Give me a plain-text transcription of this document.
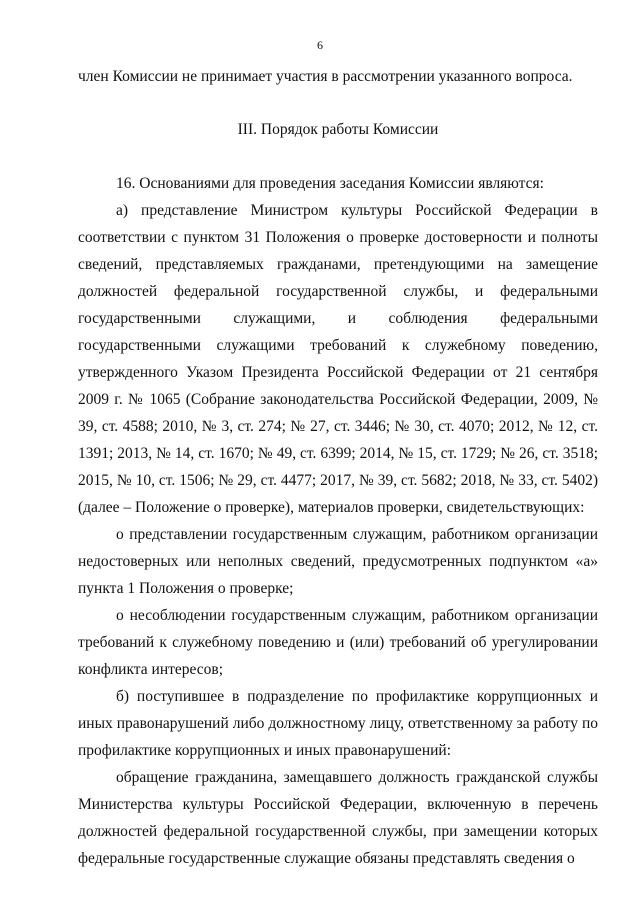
6

член Комиссии не принимает участия в рассмотрении указанного вопроса.

III. Порядок работы Комиссии

16. Основаниями для проведения заседания Комиссии являются:

а) представление Министром культуры Российской Федерации в соответствии с пунктом 31 Положения о проверке достоверности и полноты сведений, представляемых гражданами, претендующими на замещение должностей федеральной государственной службы, и федеральными государственными служащими, и соблюдения федеральными государственными служащими требований к служебному поведению, утвержденного Указом Президента Российской Федерации от 21 сентября 2009 г. № 1065 (Собрание законодательства Российской Федерации, 2009, № 39, ст. 4588; 2010, № 3, ст. 274; № 27, ст. 3446; № 30, ст. 4070; 2012, № 12, ст. 1391; 2013, № 14, ст. 1670; № 49, ст. 6399; 2014, № 15, ст. 1729; № 26, ст. 3518; 2015, № 10, ст. 1506; № 29, ст. 4477; 2017, № 39, ст. 5682; 2018, № 33, ст. 5402) (далее – Положение о проверке), материалов проверки, свидетельствующих:

о представлении государственным служащим, работником организации недостоверных или неполных сведений, предусмотренных подпунктом «а» пункта 1 Положения о проверке;

о несоблюдении государственным служащим, работником организации требований к служебному поведению и (или) требований об урегулировании конфликта интересов;

б) поступившее в подразделение по профилактике коррупционных и иных правонарушений либо должностному лицу, ответственному за работу по профилактике коррупционных и иных правонарушений:

обращение гражданина, замещавшего должность гражданской службы Министерства культуры Российской Федерации, включенную в перечень должностей федеральной государственной службы, при замещении которых федеральные государственные служащие обязаны представлять сведения о
